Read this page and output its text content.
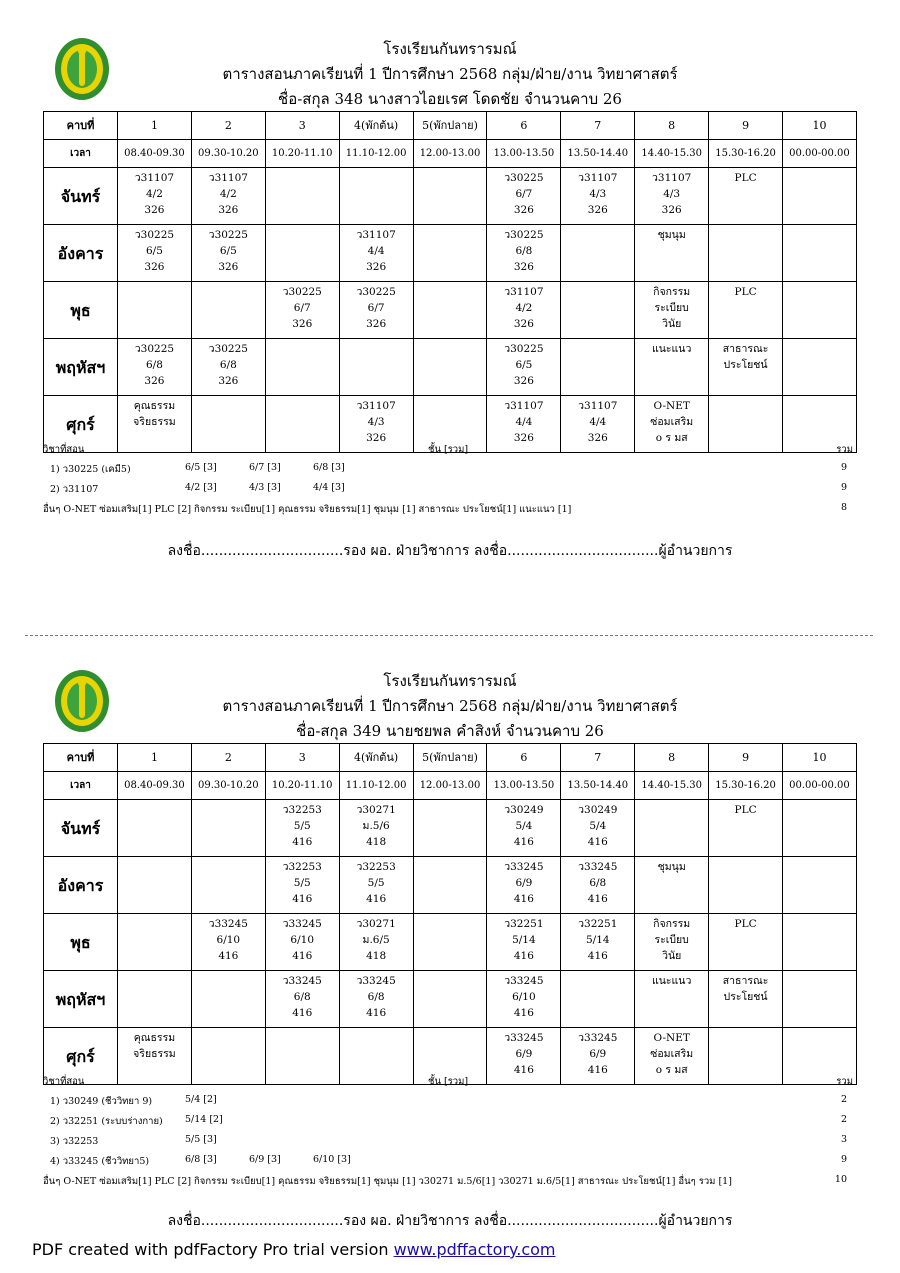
โรงเรียนกันทรารมณ์
ตารางสอนภาคเรียนที่ 1 ปีการศึกษา 2568 กลุ่ม/ฝ่าย/งาน วิทยาศาสตร์
ชื่อ-สกุล 348 นางสาวไอยเรศ โดดชัย จำนวนคาบ 26
คาบที่	1	2	3	4(พักต้น)	5(พักปลาย)	6	7	8	9	10
เวลา	08.40-09.30	09.30-10.20	10.20-11.10	11.10-12.00	12.00-13.00	13.00-13.50	13.50-14.40	14.40-15.30	15.30-16.20	00.00-00.00
จันทร์	ว31107
4/2
326	ว31107
4/2
326				ว30225
6/7
326	ว31107
4/3
326	ว31107
4/3
326	PLC	

อังคาร	ว30225
6/5
326	ว30225
6/5
326		ว31107
4/4
326		ว30225
6/8
326		ชุมนุม		

พุธ			ว30225
6/7
326	ว30225
6/7
326		ว31107
4/2
326		กิจกรรม
ระเบียบ
วินัย	PLC	

พฤหัสฯ	ว30225
6/8
326	ว30225
6/8
326				ว30225
6/5
326		แนะแนว	สาธารณะ
ประโยชน์	

ศุกร์	คุณธรรม
จริยธรรม			ว31107
4/3
326		ว31107
4/4
326	ว31107
4/4
326	O-NET
ซ่อมเสริม
o ร มส		

วิชาที่สอน	ชั้น [รวม]	รวม
1) ว30225 (เคมี5)	6/5 [3]	6/7 [3]	6/8 [3]	9
2) ว31107	4/2 [3]	4/3 [3]	4/4 [3]	9
อื่นๆ O-NET ซ่อมเสริม[1] PLC [2] กิจกรรม ระเบียบ[1] คุณธรรม จริยธรรม[1] ชุมนุม [1] สาธารณะ ประโยชน์[1] แนะแนว [1]	8
ลงชื่อ................................รอง ผอ. ฝ่ายวิชาการ ลงชื่อ..................................ผู้อำนวยการ
โรงเรียนกันทรารมณ์
ตารางสอนภาคเรียนที่ 1 ปีการศึกษา 2568 กลุ่ม/ฝ่าย/งาน วิทยาศาสตร์
ชื่อ-สกุล 349 นายชยพล คำสิงห์ จำนวนคาบ 26
คาบที่	1	2	3	4(พักต้น)	5(พักปลาย)	6	7	8	9	10
เวลา	08.40-09.30	09.30-10.20	10.20-11.10	11.10-12.00	12.00-13.00	13.00-13.50	13.50-14.40	14.40-15.30	15.30-16.20	00.00-00.00
จันทร์			ว32253
5/5
416	ว30271
ม.5/6
418		ว30249
5/4
416	ว30249
5/4
416		PLC	

อังคาร			ว32253
5/5
416	ว32253
5/5
416		ว33245
6/9
416	ว33245
6/8
416	ชุมนุม		

พุธ		ว33245
6/10
416	ว33245
6/10
416	ว30271
ม.6/5
418		ว32251
5/14
416	ว32251
5/14
416	กิจกรรม
ระเบียบ
วินัย	PLC	

พฤหัสฯ			ว33245
6/8
416	ว33245
6/8
416		ว33245
6/10
416		แนะแนว	สาธารณะ
ประโยชน์	

ศุกร์	คุณธรรม
จริยธรรม					ว33245
6/9
416	ว33245
6/9
416	O-NET
ซ่อมเสริม
o ร มส		

วิชาที่สอน	ชั้น [รวม]	รวม
1) ว30249 (ชีววิทยา 9)	5/4 [2]	2
2) ว32251 (ระบบร่างกาย) 5/14 [2]	2
3) ว32253	5/5 [3]	3
4) ว33245 (ชีววิทยา5)	6/8 [3]	6/9 [3]	6/10 [3]	9
อื่นๆ O-NET ซ่อมเสริม[1] PLC [2] กิจกรรม ระเบียบ[1] คุณธรรม จริยธรรม[1] ชุมนุม [1] ว30271 ม.5/6[1] ว30271 ม.6/5[1] สาธารณะ ประโยชน์[1] อื่นๆ รวม [1]	10
ลงชื่อ................................รอง ผอ. ฝ่ายวิชาการ ลงชื่อ..................................ผู้อำนวยการ
PDF created with pdfFactory Pro trial version www.pdffactory.com
